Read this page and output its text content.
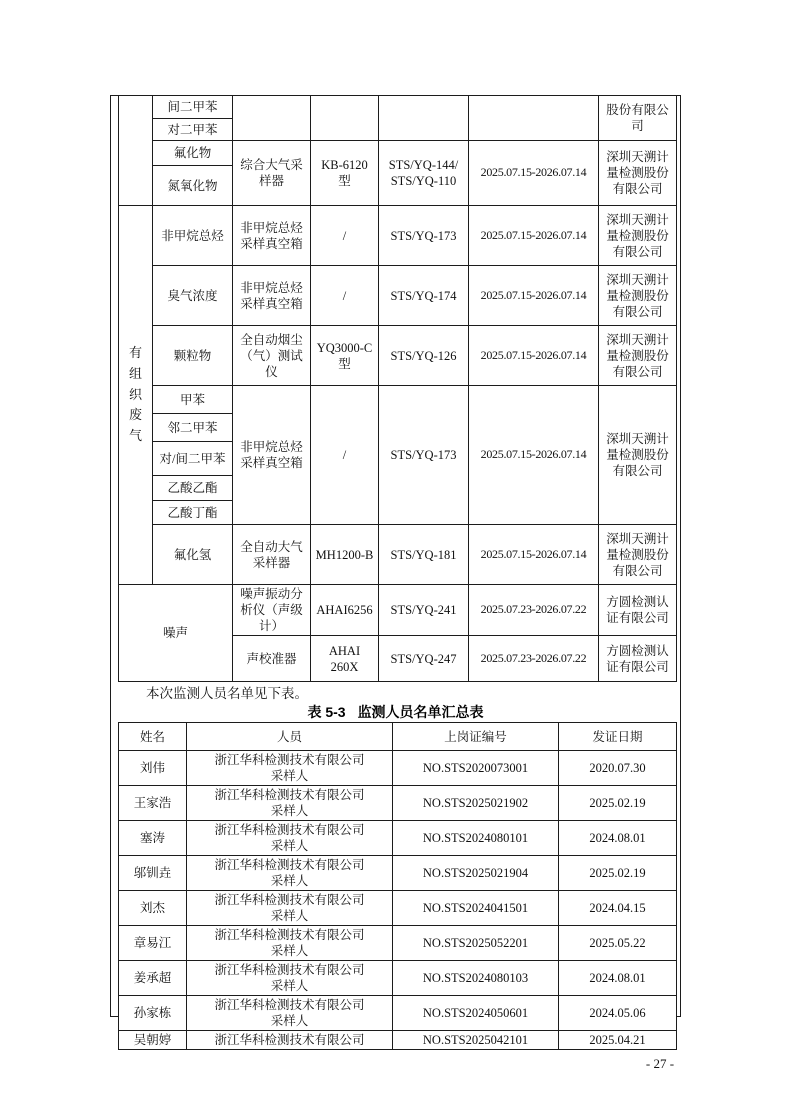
	间二甲苯					股份有限公司
	对二甲苯					
	氟化物	综合大气采样器	KB-6120 型	STS/YQ-144/
STS/YQ-110	2025.07.15-2026.07.14	深圳天溯计量检测股份有限公司
	氮氧化物					
有
组
织
废
气	非甲烷总烃	非甲烷总烃采样真空箱	/	STS/YQ-173	2025.07.15-2026.07.14	深圳天溯计量检测股份有限公司
	臭气浓度	非甲烷总烃采样真空箱	/	STS/YQ-174	2025.07.15-2026.07.14	深圳天溯计量检测股份有限公司
	颗粒物	全自动烟尘（气）测试仪	YQ3000-C 型	STS/YQ-126	2025.07.15-2026.07.14	深圳天溯计量检测股份有限公司
	甲苯	非甲烷总烃采样真空箱	/	STS/YQ-173	2025.07.15-2026.07.14	深圳天溯计量检测股份有限公司
	邻二甲苯					
	对/间二甲苯					
	乙酸乙酯					
	乙酸丁酯					
	氟化氢	全自动大气采样器	MH1200-B	STS/YQ-181	2025.07.15-2026.07.14	深圳天溯计量检测股份有限公司
噪声		噪声振动分析仪（声级计）	AHAI6256	STS/YQ-241	2025.07.23-2026.07.22	方圆检测认证有限公司
		声校准器	AHAI 260X	STS/YQ-247	2025.07.23-2026.07.22	方圆检测认证有限公司
本次监测人员名单见下表。
表 5-3 监测人员名单汇总表
姓名	人员	上岗证编号	发证日期
刘伟	浙江华科检测技术有限公司
采样人	NO.STS2020073001	2020.07.30
王家浩	浙江华科检测技术有限公司
采样人	NO.STS2025021902	2025.02.19
塞涛	浙江华科检测技术有限公司
采样人	NO.STS2024080101	2024.08.01
邬钏垚	浙江华科检测技术有限公司
采样人	NO.STS2025021904	2025.02.19
刘杰	浙江华科检测技术有限公司
采样人	NO.STS2024041501	2024.04.15
章易江	浙江华科检测技术有限公司
采样人	NO.STS2025052201	2025.05.22
姜承超	浙江华科检测技术有限公司
采样人	NO.STS2024080103	2024.08.01
孙家栋	浙江华科检测技术有限公司
采样人	NO.STS2024050601	2024.05.06
吴朝婷	浙江华科检测技术有限公司	NO.STS2025042101	2025.04.21
- 27 -
